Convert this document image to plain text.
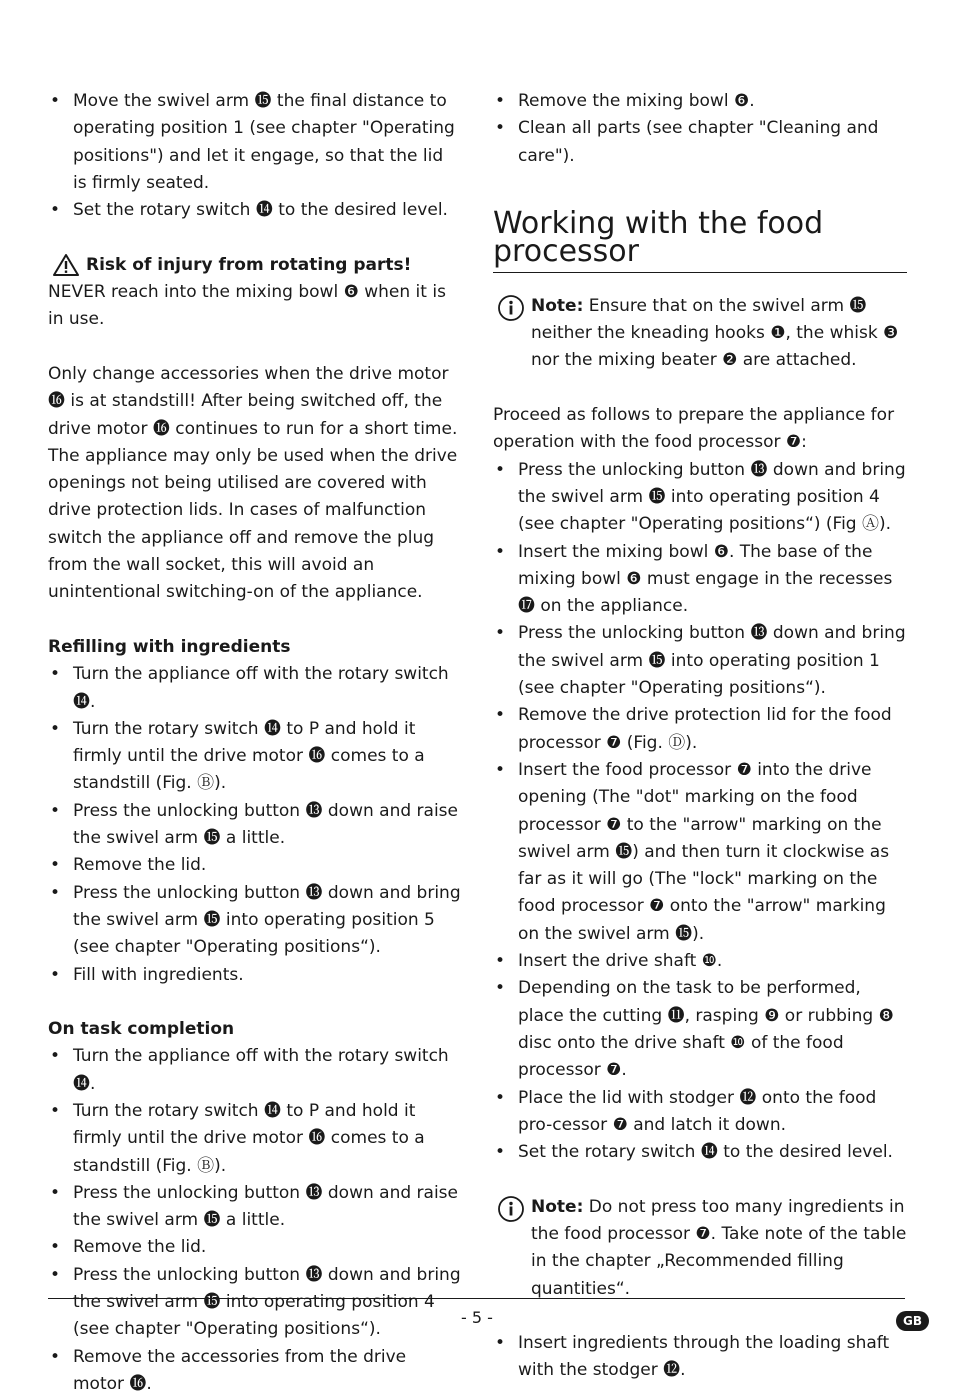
• Move the swivel arm ⓯ the final distance to operating position 1 (see chapter "Operating positions") and let it engage, so that the lid is firmly seated.
• Set the rotary switch ⓮ to the desired level.

Risk of injury from rotating parts!

NEVER reach into the mixing bowl ❻ when it is in use.

Only change accessories when the drive motor ⓰ is at standstill! After being switched off, the drive motor ⓰ continues to run for a short time. The appliance may only be used when the drive openings not being utilised are covered with drive protection lids. In cases of malfunction switch the appliance off and remove the plug from the wall socket, this will avoid an unintentional switching-on of the appliance.

Refilling with ingredients

• Turn the appliance off with the rotary switch ⓮.
• Turn the rotary switch ⓮ to P and hold it firmly until the drive motor ⓰ comes to a standstill (Fig. Ⓑ).
• Press the unlocking button ⓭ down and raise the swivel arm ⓯ a little.
• Remove the lid.
• Press the unlocking button ⓭ down and bring the swivel arm ⓯ into operating position 5 (see chapter "Operating positions“).
• Fill with ingredients.

On task completion

• Turn the appliance off with the rotary switch ⓮.
• Turn the rotary switch ⓮ to P and hold it firmly until the drive motor ⓰ comes to a standstill (Fig. Ⓑ).
• Press the unlocking button ⓭ down and raise the swivel arm ⓯ a little.
• Remove the lid.
• Press the unlocking button ⓭ down and bring the swivel arm ⓯ into operating position 4 (see chapter "Operating positions“).
• Remove the accessories from the drive motor ⓰.
• Remove the mixing bowl ❻.
• Clean all parts (see chapter "Cleaning and care").
Working with the food processor

Note: Ensure that on the swivel arm ⓯ neither the kneading hooks ❶, the whisk ❸ nor the mixing beater ❷ are attached.

Proceed as follows to prepare the appliance for operation with the food processor ❼:

• Press the unlocking button ⓭ down and bring the swivel arm ⓯ into operating position 4 (see chapter "Operating positions“) (Fig Ⓐ).
• Insert the mixing bowl ❻. The base of the mixing bowl ❻ must engage in the recesses ⓱ on the appliance.
• Press the unlocking button ⓭ down and bring the swivel arm ⓯ into operating position 1 (see chapter "Operating positions“).
• Remove the drive protection lid for the food processor ❼ (Fig. Ⓓ).
• Insert the food processor ❼ into the drive opening (The "dot" marking on the food processor ❼ to the "arrow" marking on the swivel arm ⓯) and then turn it clockwise as far as it will go (The "lock" marking on the food processor ❼ onto the "arrow" marking on the swivel arm ⓯).
• Insert the drive shaft ❿.
• Depending on the task to be performed, place the cutting ⓫, rasping ❾ or rubbing ❽ disc onto the drive shaft ❿ of the food processor ❼.
• Place the lid with stodger ⓬ onto the food pro-cessor ❼ and latch it down.
• Set the rotary switch ⓮ to the desired level.

Note: Do not press too many ingredients in the food processor ❼. Take note of the table in the chapter „Recommended filling quantities“.

• Insert ingredients through the loading shaft with the stodger ⓬.
- 5 -	GB
